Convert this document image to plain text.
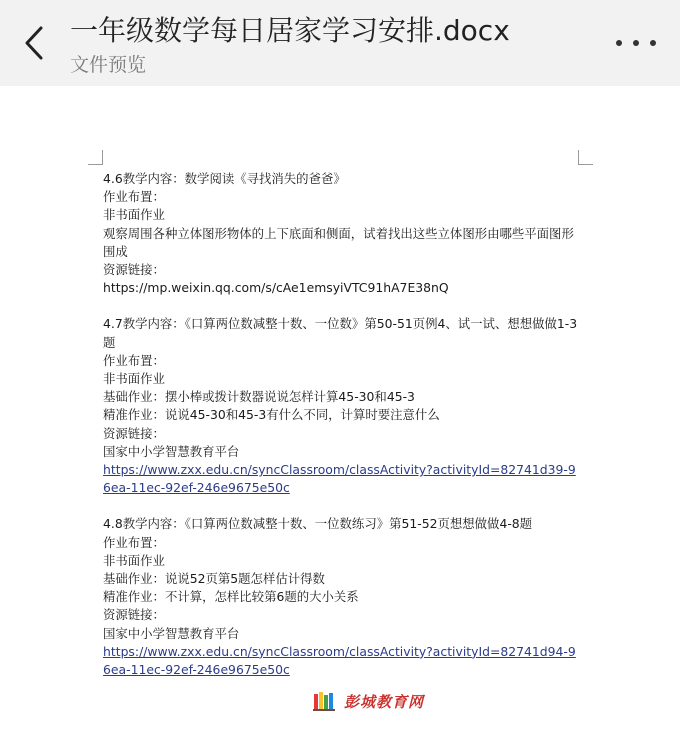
一年级数学每日居家学习安排.docx
文件预览
4.6教学内容：数学阅读《寻找消失的爸爸》
作业布置：
非书面作业
观察周围各种立体图形物体的上下底面和侧面，试着找出这些立体图形由哪些平面图形围成
资源链接：
https://mp.weixin.qq.com/s/cAe1emsyiVTC91hA7E38nQ
4.7教学内容：《口算两位数减整十数、一位数》第50-51页例4、试一试、想想做做1-3题
作业布置：
非书面作业
基础作业：摆小棒或拨计数器说说怎样计算45-30和45-3
精准作业：说说45-30和45-3有什么不同，计算时要注意什么
资源链接：
国家中小学智慧教育平台
https://www.zxx.edu.cn/syncClassroom/classActivity?activityId=82741d39-96ea-11ec-92ef-246e9675e50c
4.8教学内容：《口算两位数减整十数、一位数练习》第51-52页想想做做4-8题
作业布置：
非书面作业
基础作业：说说52页第5题怎样估计得数
精准作业：不计算，怎样比较第6题的大小关系
资源链接：
国家中小学智慧教育平台
https://www.zxx.edu.cn/syncClassroom/classActivity?activityId=82741d94-96ea-11ec-92ef-246e9675e50c
彭城教育网
